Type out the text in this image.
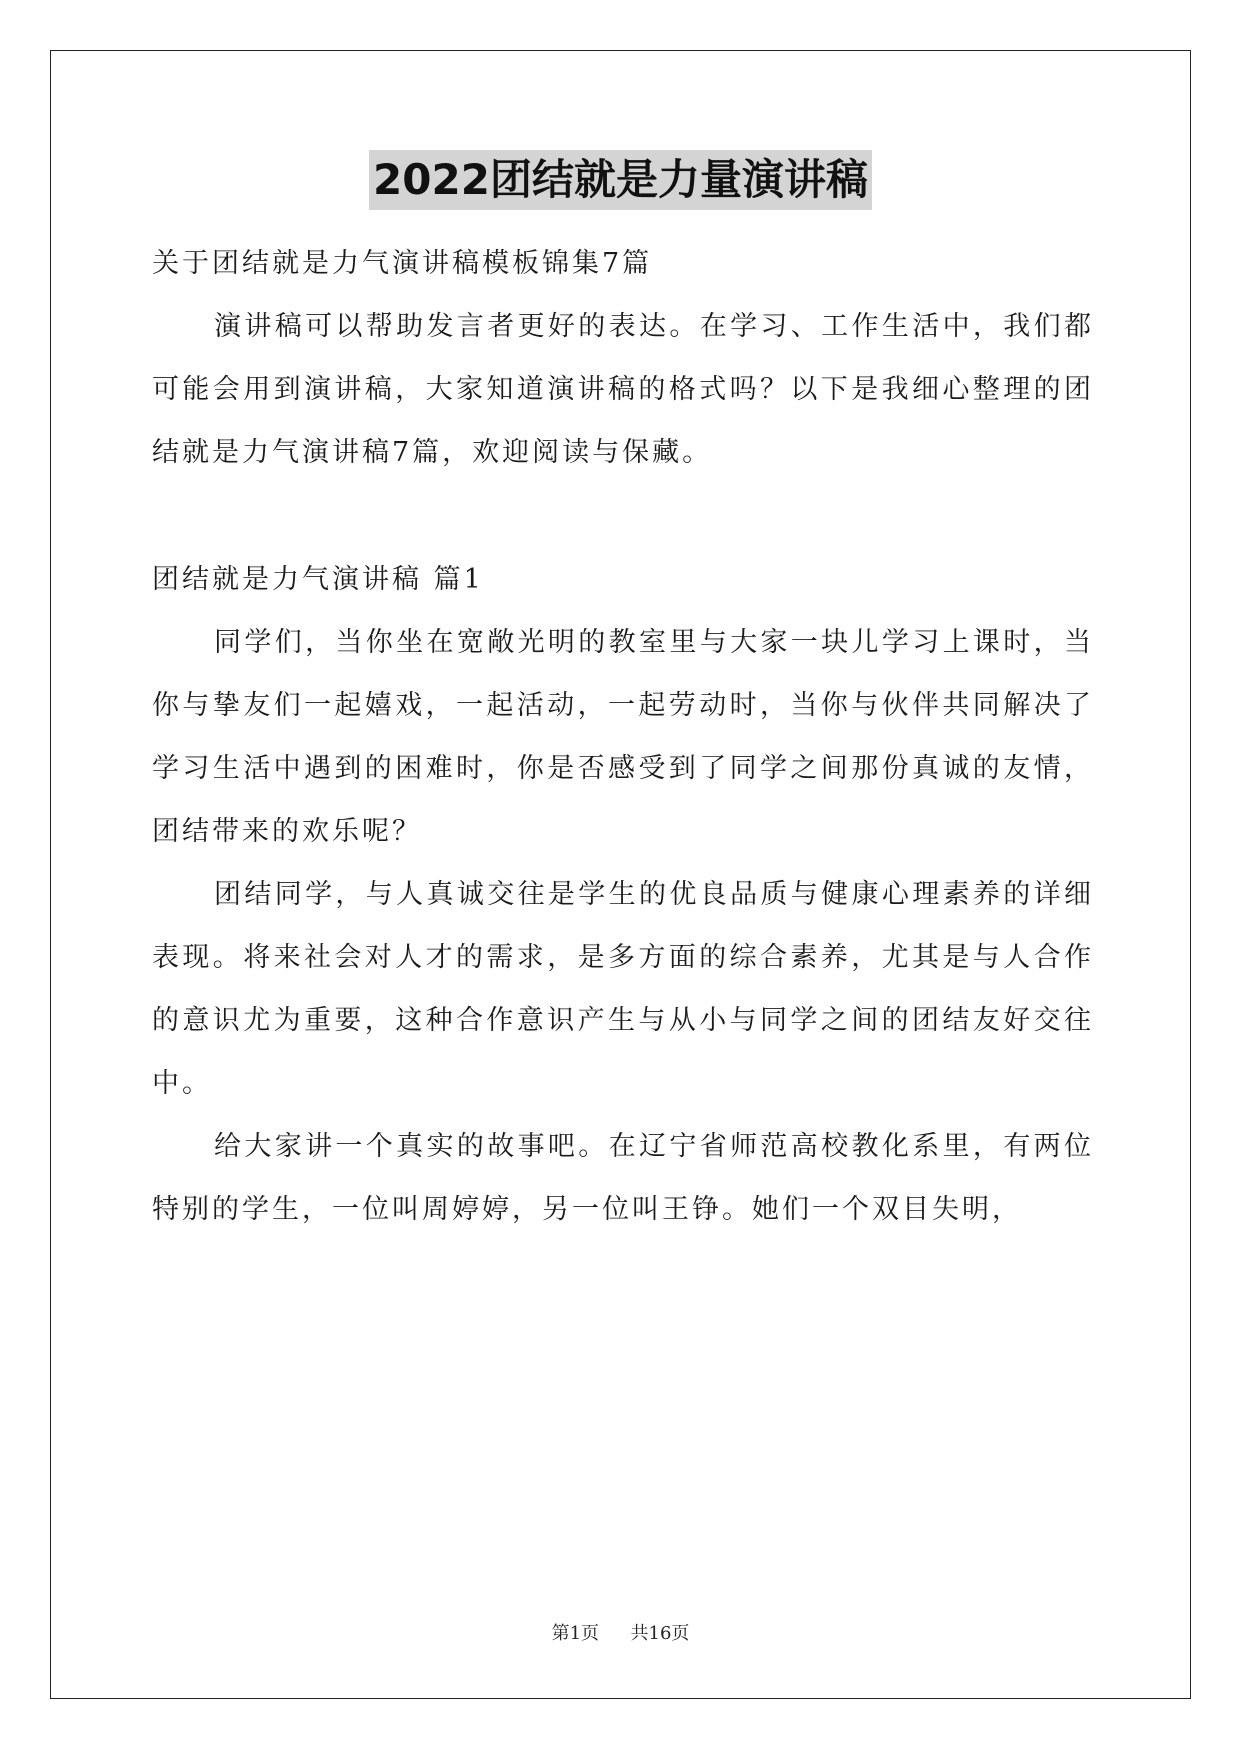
2022团结就是力量演讲稿

关于团结就是力气演讲稿模板锦集7篇

演讲稿可以帮助发言者更好的表达。在学习、工作生活中，我们都可能会用到演讲稿，大家知道演讲稿的格式吗？以下是我细心整理的团结就是力气演讲稿7篇，欢迎阅读与保藏。

团结就是力气演讲稿 篇1

同学们，当你坐在宽敞光明的教室里与大家一块儿学习上课时，当你与挚友们一起嬉戏，一起活动，一起劳动时，当你与伙伴共同解决了学习生活中遇到的困难时，你是否感受到了同学之间那份真诚的友情，团结带来的欢乐呢？

团结同学，与人真诚交往是学生的优良品质与健康心理素养的详细表现。将来社会对人才的需求，是多方面的综合素养，尤其是与人合作的意识尤为重要，这种合作意识产生与从小与同学之间的团结友好交往中。

给大家讲一个真实的故事吧。在辽宁省师范高校教化系里，有两位特别的学生，一位叫周婷婷，另一位叫王铮。她们一个双目失明，

第1页 共16页
